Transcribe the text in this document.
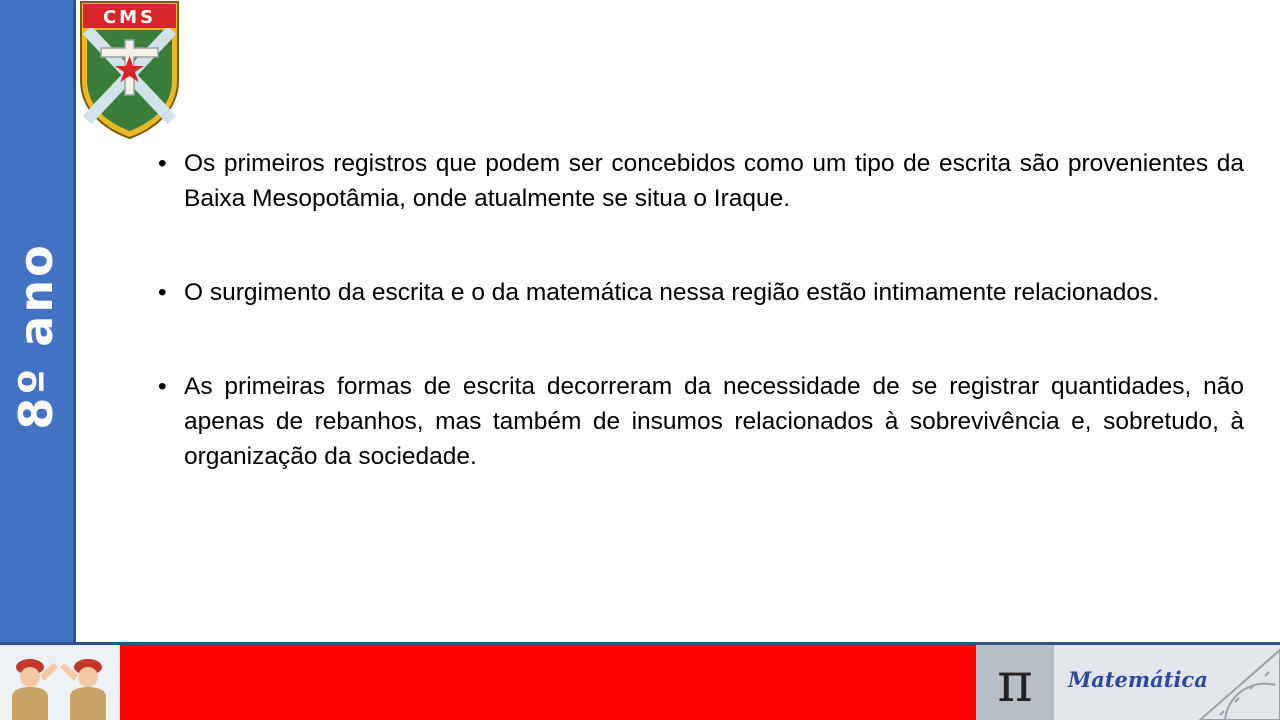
8º ano
CMS
• Os primeiros registros que podem ser concebidos como um tipo de escrita são provenientes da Baixa Mesopotâmia, onde atualmente se situa o Iraque.
• O surgimento da escrita e o da matemática nessa região estão intimamente relacionados.
• As primeiras formas de escrita decorreram da necessidade de se registrar quantidades, não apenas de rebanhos, mas também de insumos relacionados à sobrevivência e, sobretudo, à organização da sociedade.
π	Matemática
